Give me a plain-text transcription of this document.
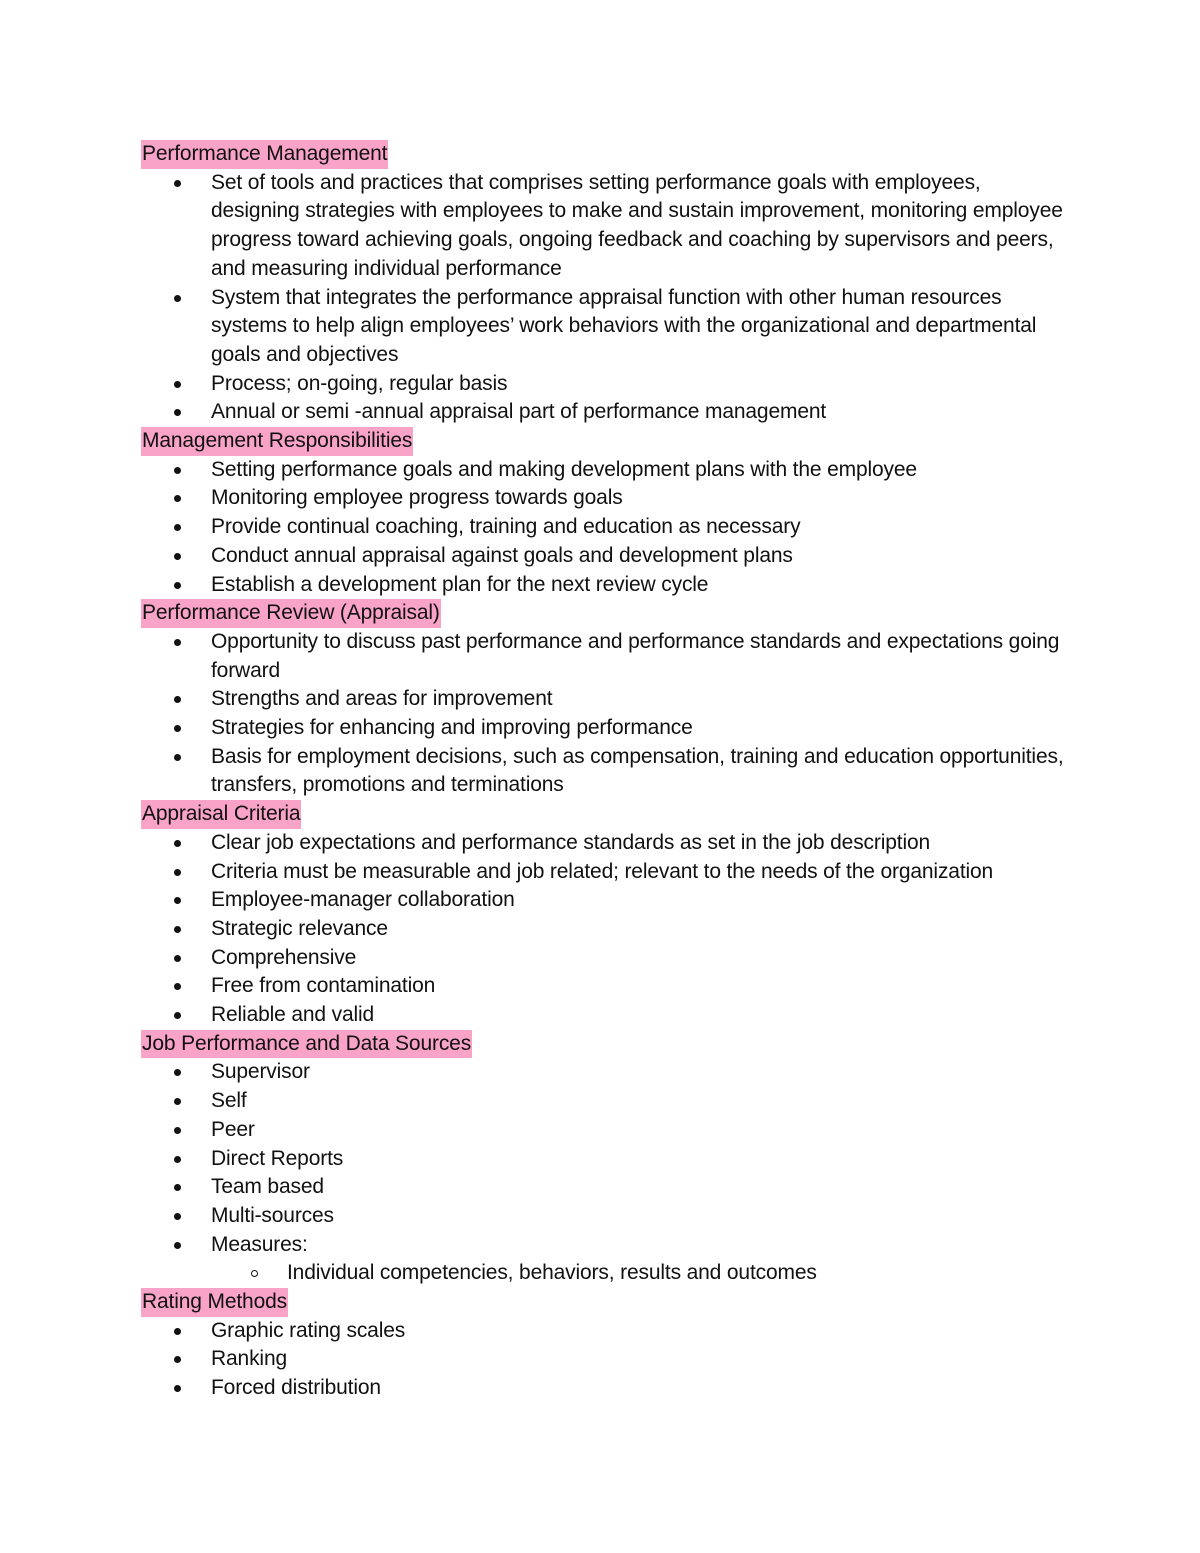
Performance Management
Set of tools and practices that comprises setting performance goals with employees, designing strategies with employees to make and sustain improvement, monitoring employee progress toward achieving goals, ongoing feedback and coaching by supervisors and peers, and measuring individual performance
System that integrates the performance appraisal function with other human resources systems to help align employees’ work behaviors with the organizational and departmental goals and objectives
Process; on-going, regular basis
Annual or semi -annual appraisal part of performance management
Management Responsibilities
Setting performance goals and making development plans with the employee
Monitoring employee progress towards goals
Provide continual coaching, training and education as necessary
Conduct annual appraisal against goals and development plans
Establish a development plan for the next review cycle
Performance Review (Appraisal)
Opportunity to discuss past performance and performance standards and expectations going forward
Strengths and areas for improvement
Strategies for enhancing and improving performance
Basis for employment decisions, such as compensation, training and education opportunities, transfers, promotions and terminations
Appraisal Criteria
Clear job expectations and performance standards as set in the job description
Criteria must be measurable and job related; relevant to the needs of the organization
Employee-manager collaboration
Strategic relevance
Comprehensive
Free from contamination
Reliable and valid
Job Performance and Data Sources
Supervisor
Self
Peer
Direct Reports
Team based
Multi-sources
Measures:
Individual competencies, behaviors, results and outcomes
Rating Methods
Graphic rating scales
Ranking
Forced distribution
